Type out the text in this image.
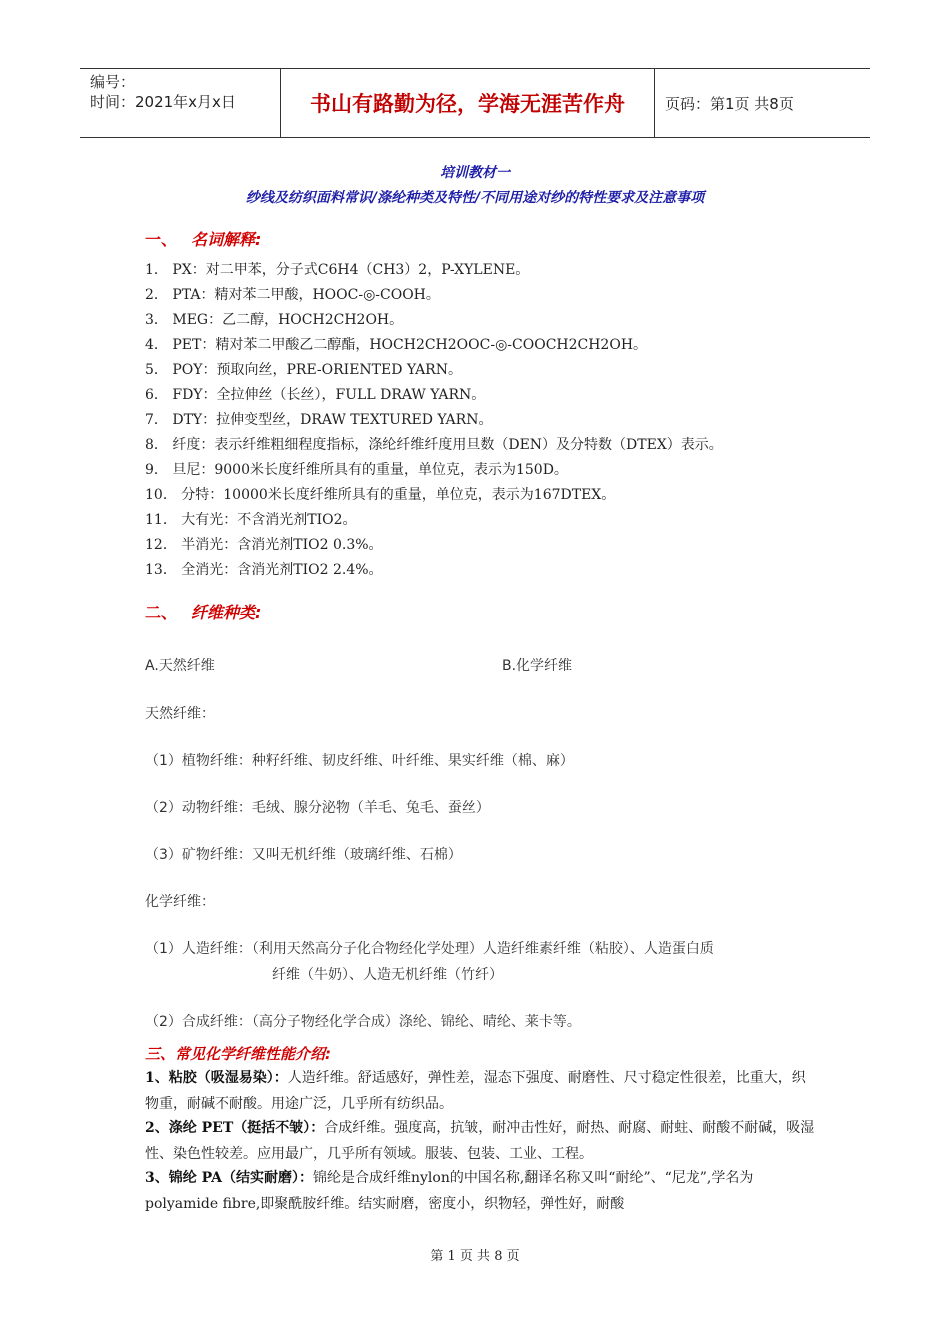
编号：
时间：2021年x月x日	书山有路勤为径，学海无涯苦作舟	页码：第1页 共8页
培训教材一
纱线及纺织面料常识/涤纶种类及特性/不同用途对纱的特性要求及注意事项
一、 名词解释:
1． PX：对二甲苯，分子式C6H4（CH3）2，P-XYLENE。
2． PTA：精对苯二甲酸，HOOC-◎-COOH。
3． MEG：乙二醇，HOCH2CH2OH。
4． PET：精对苯二甲酸乙二醇酯，HOCH2CH2OOC-◎-COOCH2CH2OH。
5． POY：预取向丝，PRE-ORIENTED YARN。
6． FDY：全拉伸丝（长丝），FULL DRAW YARN。
7． DTY：拉伸变型丝，DRAW TEXTURED YARN。
8． 纤度：表示纤维粗细程度指标，涤纶纤维纤度用旦数（DEN）及分特数（DTEX）表示。
9． 旦尼：9000米长度纤维所具有的重量，单位克，表示为150D。
10． 分特：10000米长度纤维所具有的重量，单位克，表示为167DTEX。
11． 大有光：不含消光剂TIO2。
12． 半消光：含消光剂TIO2 0.3%。
13． 全消光：含消光剂TIO2 2.4%。
二、 纤维种类:
A.天然纤维	B.化学纤维
天然纤维：
（1）植物纤维：种籽纤维、韧皮纤维、叶纤维、果实纤维（棉、麻）
（2）动物纤维：毛绒、腺分泌物（羊毛、兔毛、蚕丝）
（3）矿物纤维：又叫无机纤维（玻璃纤维、石棉）
化学纤维：
（1）人造纤维：（利用天然高分子化合物经化学处理）人造纤维素纤维（粘胶）、人造蛋白质
纤维（牛奶）、人造无机纤维（竹纤）
（2）合成纤维：（高分子物经化学合成）涤纶、锦纶、晴纶、莱卡等。
三、常见化学纤维性能介绍:
1、粘胶（吸湿易染）：人造纤维。舒适感好，弹性差，湿态下强度、耐磨性、尺寸稳定性很差，比重大，织物重，耐碱不耐酸。用途广泛，几乎所有纺织品。
2、涤纶 PET（挺括不皱）：合成纤维。强度高，抗皱，耐冲击性好，耐热、耐腐、耐蛀、耐酸不耐碱，吸湿性、染色性较差。应用最广，几乎所有领域。服装、包装、工业、工程。
3、锦纶 PA（结实耐磨）：锦纶是合成纤维nylon的中国名称,翻译名称又叫“耐纶”、“尼龙”,学名为polyamide fibre,即聚酰胺纤维。结实耐磨，密度小，织物轻，弹性好，耐酸
第 1 页 共 8 页
